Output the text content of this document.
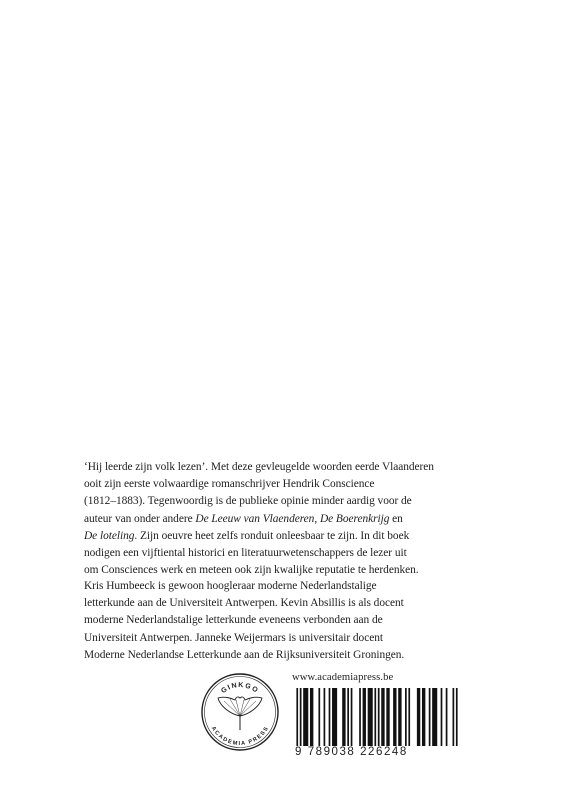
‘Hij leerde zijn volk lezen’. Met deze gevleugelde woorden eerde Vlaanderen
ooit zijn eerste volwaardige romanschrijver Hendrik Conscience
(1812–1883). Tegenwoordig is de publieke opinie minder aardig voor de
auteur van onder andere De Leeuw van Vlaenderen, De Boerenkrijg en
De loteling. Zijn oeuvre heet zelfs ronduit onleesbaar te zijn. In dit boek
nodigen een vijftiental historici en literatuurwetenschappers de lezer uit
om Consciences werk en meteen ook zijn kwalijke reputatie te herdenken.
Kris Humbeeck is gewoon hoogleraar moderne Nederlandstalige
letterkunde aan de Universiteit Antwerpen. Kevin Absillis is als docent
moderne Nederlandstalige letterkunde eveneens verbonden aan de
Universiteit Antwerpen. Janneke Weijermars is universitair docent
Moderne Nederlandse Letterkunde aan de Rijksuniversiteit Groningen.
GINKGO
ACADEMIA PRESS
www.academiapress.be
9 789038 226248
